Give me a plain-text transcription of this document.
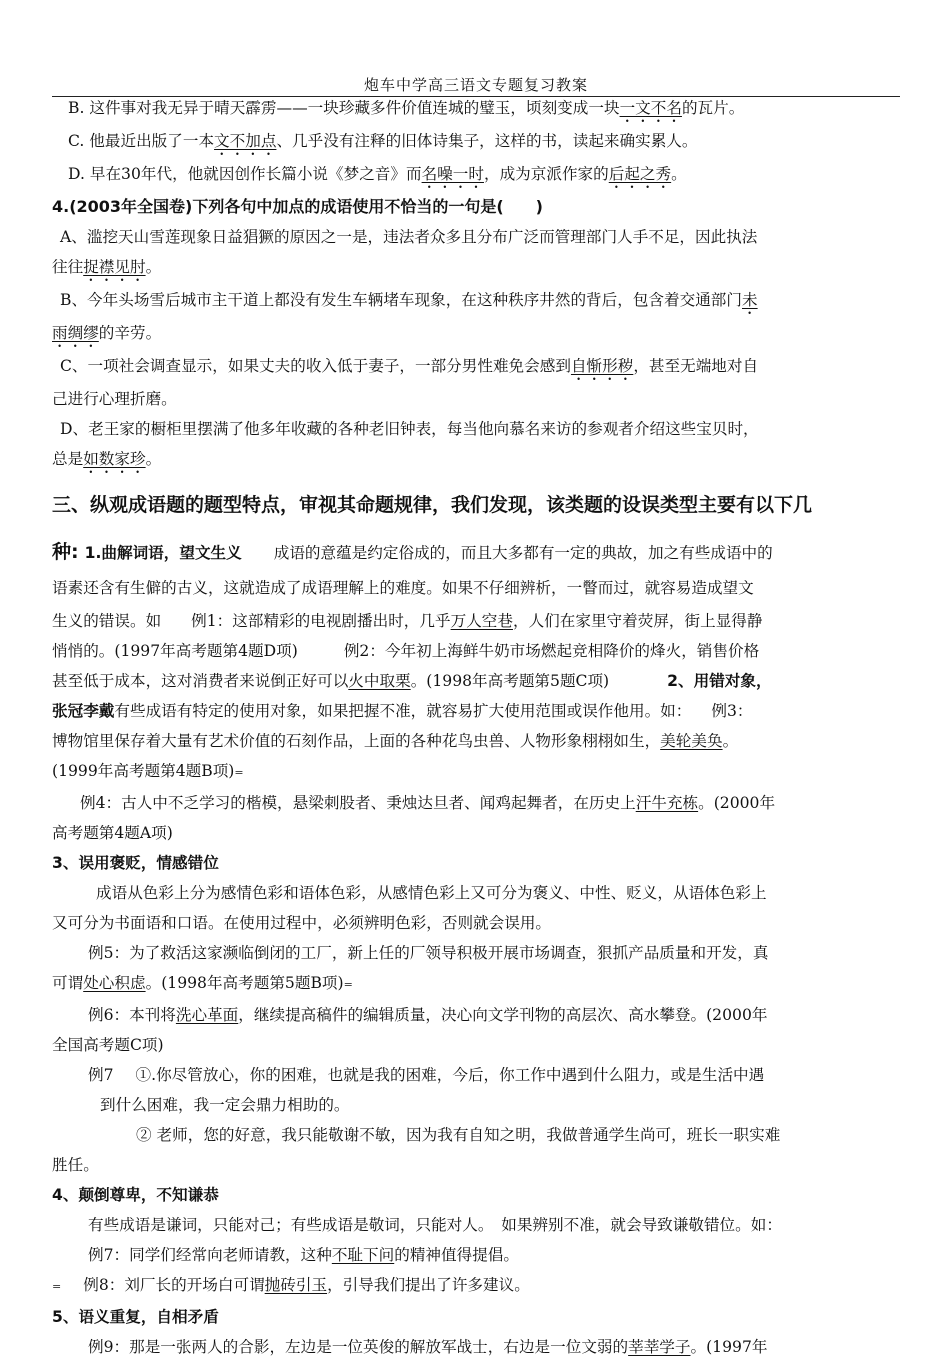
炮车中学高三语文专题复习教案
B. 这件事对我无异于晴天霹雳——一块珍藏多件价值连城的璧玉，顷刻变成一块一文不名的瓦片。
C. 他最近出版了一本文不加点、几乎没有注释的旧体诗集子，这样的书，读起来确实累人。
D. 早在30年代，他就因创作长篇小说《梦之音》而名噪一时，成为京派作家的后起之秀。
4.(2003年全国卷)下列各句中加点的成语使用不恰当的一句是(　　)
A、滥挖天山雪莲现象日益猖獗的原因之一是，违法者众多且分布广泛而管理部门人手不足，因此执法
往往捉襟见肘。
B、今年头场雪后城市主干道上都没有发生车辆堵车现象，在这种秩序井然的背后，包含着交通部门未
雨绸缪的辛劳。
C、一项社会调查显示，如果丈夫的收入低于妻子，一部分男性难免会感到自惭形秽，甚至无端地对自
己进行心理折磨。
D、老王家的橱柜里摆满了他多年收藏的各种老旧钟表，每当他向慕名来访的参观者介绍这些宝贝时，
总是如数家珍。
三、纵观成语题的题型特点，审视其命题规律，我们发现，该类题的设误类型主要有以下几
种: 1.曲解词语，望文生义 成语的意蕴是约定俗成的，而且大多都有一定的典故，加之有些成语中的
语素还含有生僻的古义，这就造成了成语理解上的难度。如果不仔细辨析，一瞥而过，就容易造成望文
生义的错误。如 例1：这部精彩的电视剧播出时，几乎万人空巷，人们在家里守着荧屏，街上显得静
悄悄的。(1997年高考题第4题D项)	例2：今年初上海鲜牛奶市场燃起竞相降价的烽火，销售价格
甚至低于成本，这对消费者来说倒正好可以火中取栗。(1998年高考题第5题C项)	2、用错对象，
张冠李戴有些成语有特定的使用对象，如果把握不准，就容易扩大使用范围或误作他用。如： 例3：
博物馆里保存着大量有艺术价值的石刻作品，上面的各种花鸟虫兽、人物形象栩栩如生，美轮美奂。
(1999年高考题第4题B项)=
例4：古人中不乏学习的楷模，悬梁刺股者、秉烛达旦者、闻鸡起舞者，在历史上汗牛充栋。(2000年
高考题第4题A项)
3、误用褒贬，情感错位
成语从色彩上分为感情色彩和语体色彩，从感情色彩上又可分为褒义、中性、贬义，从语体色彩上
又可分为书面语和口语。在使用过程中，必须辨明色彩，否则就会误用。
例5：为了救活这家濒临倒闭的工厂，新上任的厂领导积极开展市场调查，狠抓产品质量和开发，真
可谓处心积虑。(1998年高考题第5题B项)=
例6：本刊将洗心革面，继续提高稿件的编辑质量，决心向文学刊物的高层次、高水攀登。(2000年
全国高考题C项)
例7 ①.你尽管放心，你的困难，也就是我的困难，今后，你工作中遇到什么阻力，或是生活中遇
到什么困难，我一定会鼎力相助的。
② 老师，您的好意，我只能敬谢不敏，因为我有自知之明，我做普通学生尚可，班长一职实难
胜任。
4、颠倒尊卑，不知谦恭
有些成语是谦词，只能对己；有些成语是敬词，只能对人。　如果辨别不准，就会导致谦敬错位。如：
例7：同学们经常向老师请教，这种不耻下问的精神值得提倡。
= 例8：刘厂长的开场白可谓抛砖引玉，引导我们提出了许多建议。
5、语义重复，自相矛盾
例9：那是一张两人的合影，左边是一位英俊的解放军战士，右边是一位文弱的莘莘学子。(1997年
